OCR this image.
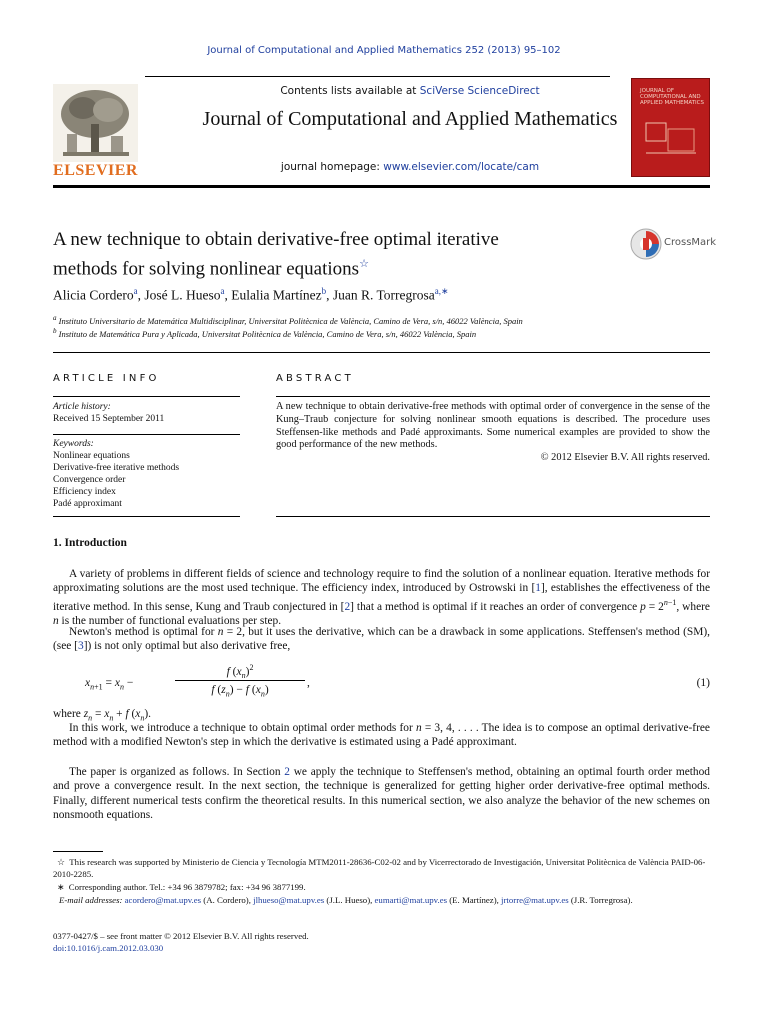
Journal of Computational and Applied Mathematics 252 (2013) 95–102
ELSEVIER
Contents lists available at SciVerse ScienceDirect
Journal of Computational and Applied Mathematics
journal homepage: www.elsevier.com/locate/cam
JOURNAL OF COMPUTATIONAL AND APPLIED MATHEMATICS
A new technique to obtain derivative-free optimal iterative
methods for solving nonlinear equations☆
CrossMark
Alicia Cordero$^a$, José L. Hueso$^a$, Eulalia Martínez$^b$, Juan R. Torregrosa$^{a,∗}$
$^a$ Instituto Universitario de Matemática Multidisciplinar, Universitat Politècnica de València, Camino de Vera, s/n, 46022 València, Spain
$^b$ Instituto de Matemática Pura y Aplicada, Universitat Politècnica de València, Camino de Vera, s/n, 46022 València, Spain
ARTICLE INFO
Article history:
Received 15 September 2011
Keywords:
Nonlinear equations
Derivative-free iterative methods
Convergence order
Efficiency index
Padé approximant
ABSTRACT
A new technique to obtain derivative-free methods with optimal order of convergence in the sense of the Kung–Traub conjecture for solving nonlinear smooth equations is described. The procedure uses Steffensen-like methods and Padé approximants. Some numerical examples are provided to show the good performance of the new methods.
© 2012 Elsevier B.V. All rights reserved.
1. Introduction
A variety of problems in different fields of science and technology require to find the solution of a nonlinear equation. Iterative methods for approximating solutions are the most used technique. The efficiency index, introduced by Ostrowski in [1], establishes the effectiveness of the iterative method. In this sense, Kung and Traub conjectured in [2] that a method is optimal if it reaches an order of convergence $p = 2^{n-1}$, where n is the number of functional evaluations per step.
Newton's method is optimal for n = 2, but it uses the derivative, which can be a drawback in some applications. Steffensen's method (SM), (see [3]) is not only optimal but also derivative free,
$x_{n+1} = x_n$ −
f $(x_n)^2$
f $(z_n) - f$ $(x_n)$
,	(1)
where $z_n = x_n + f$ $(x_n)$.
In this work, we introduce a technique to obtain optimal order methods for n = 3, 4, . . . . The idea is to compose an optimal derivative-free method with a modified Newton's step in which the derivative is estimated using a Padé approximant.
The paper is organized as follows. In Section 2 we apply the technique to Steffensen's method, obtaining an optimal fourth order method and prove a convergence result. In the next section, the technique is generalized for getting higher order derivative-free optimal methods. Finally, different numerical tests confirm the theoretical results. In this numerical section, we also analyze the behavior of the new schemes on nonsmooth equations.
☆ This research was supported by Ministerio de Ciencia y Tecnología MTM2011-28636-C02-02 and by Vicerrectorado de Investigación, Universitat Politècnica de València PAID-06-2010-2285.
∗ Corresponding author. Tel.: +34 96 3879782; fax: +34 96 3877199.
E-mail addresses: acordero@mat.upv.es (A. Cordero), jlhueso@mat.upv.es (J.L. Hueso), eumarti@mat.upv.es (E. Martínez), jrtorre@mat.upv.es (J.R. Torregrosa).
0377-0427/$ – see front matter © 2012 Elsevier B.V. All rights reserved.
doi:10.1016/j.cam.2012.03.030
